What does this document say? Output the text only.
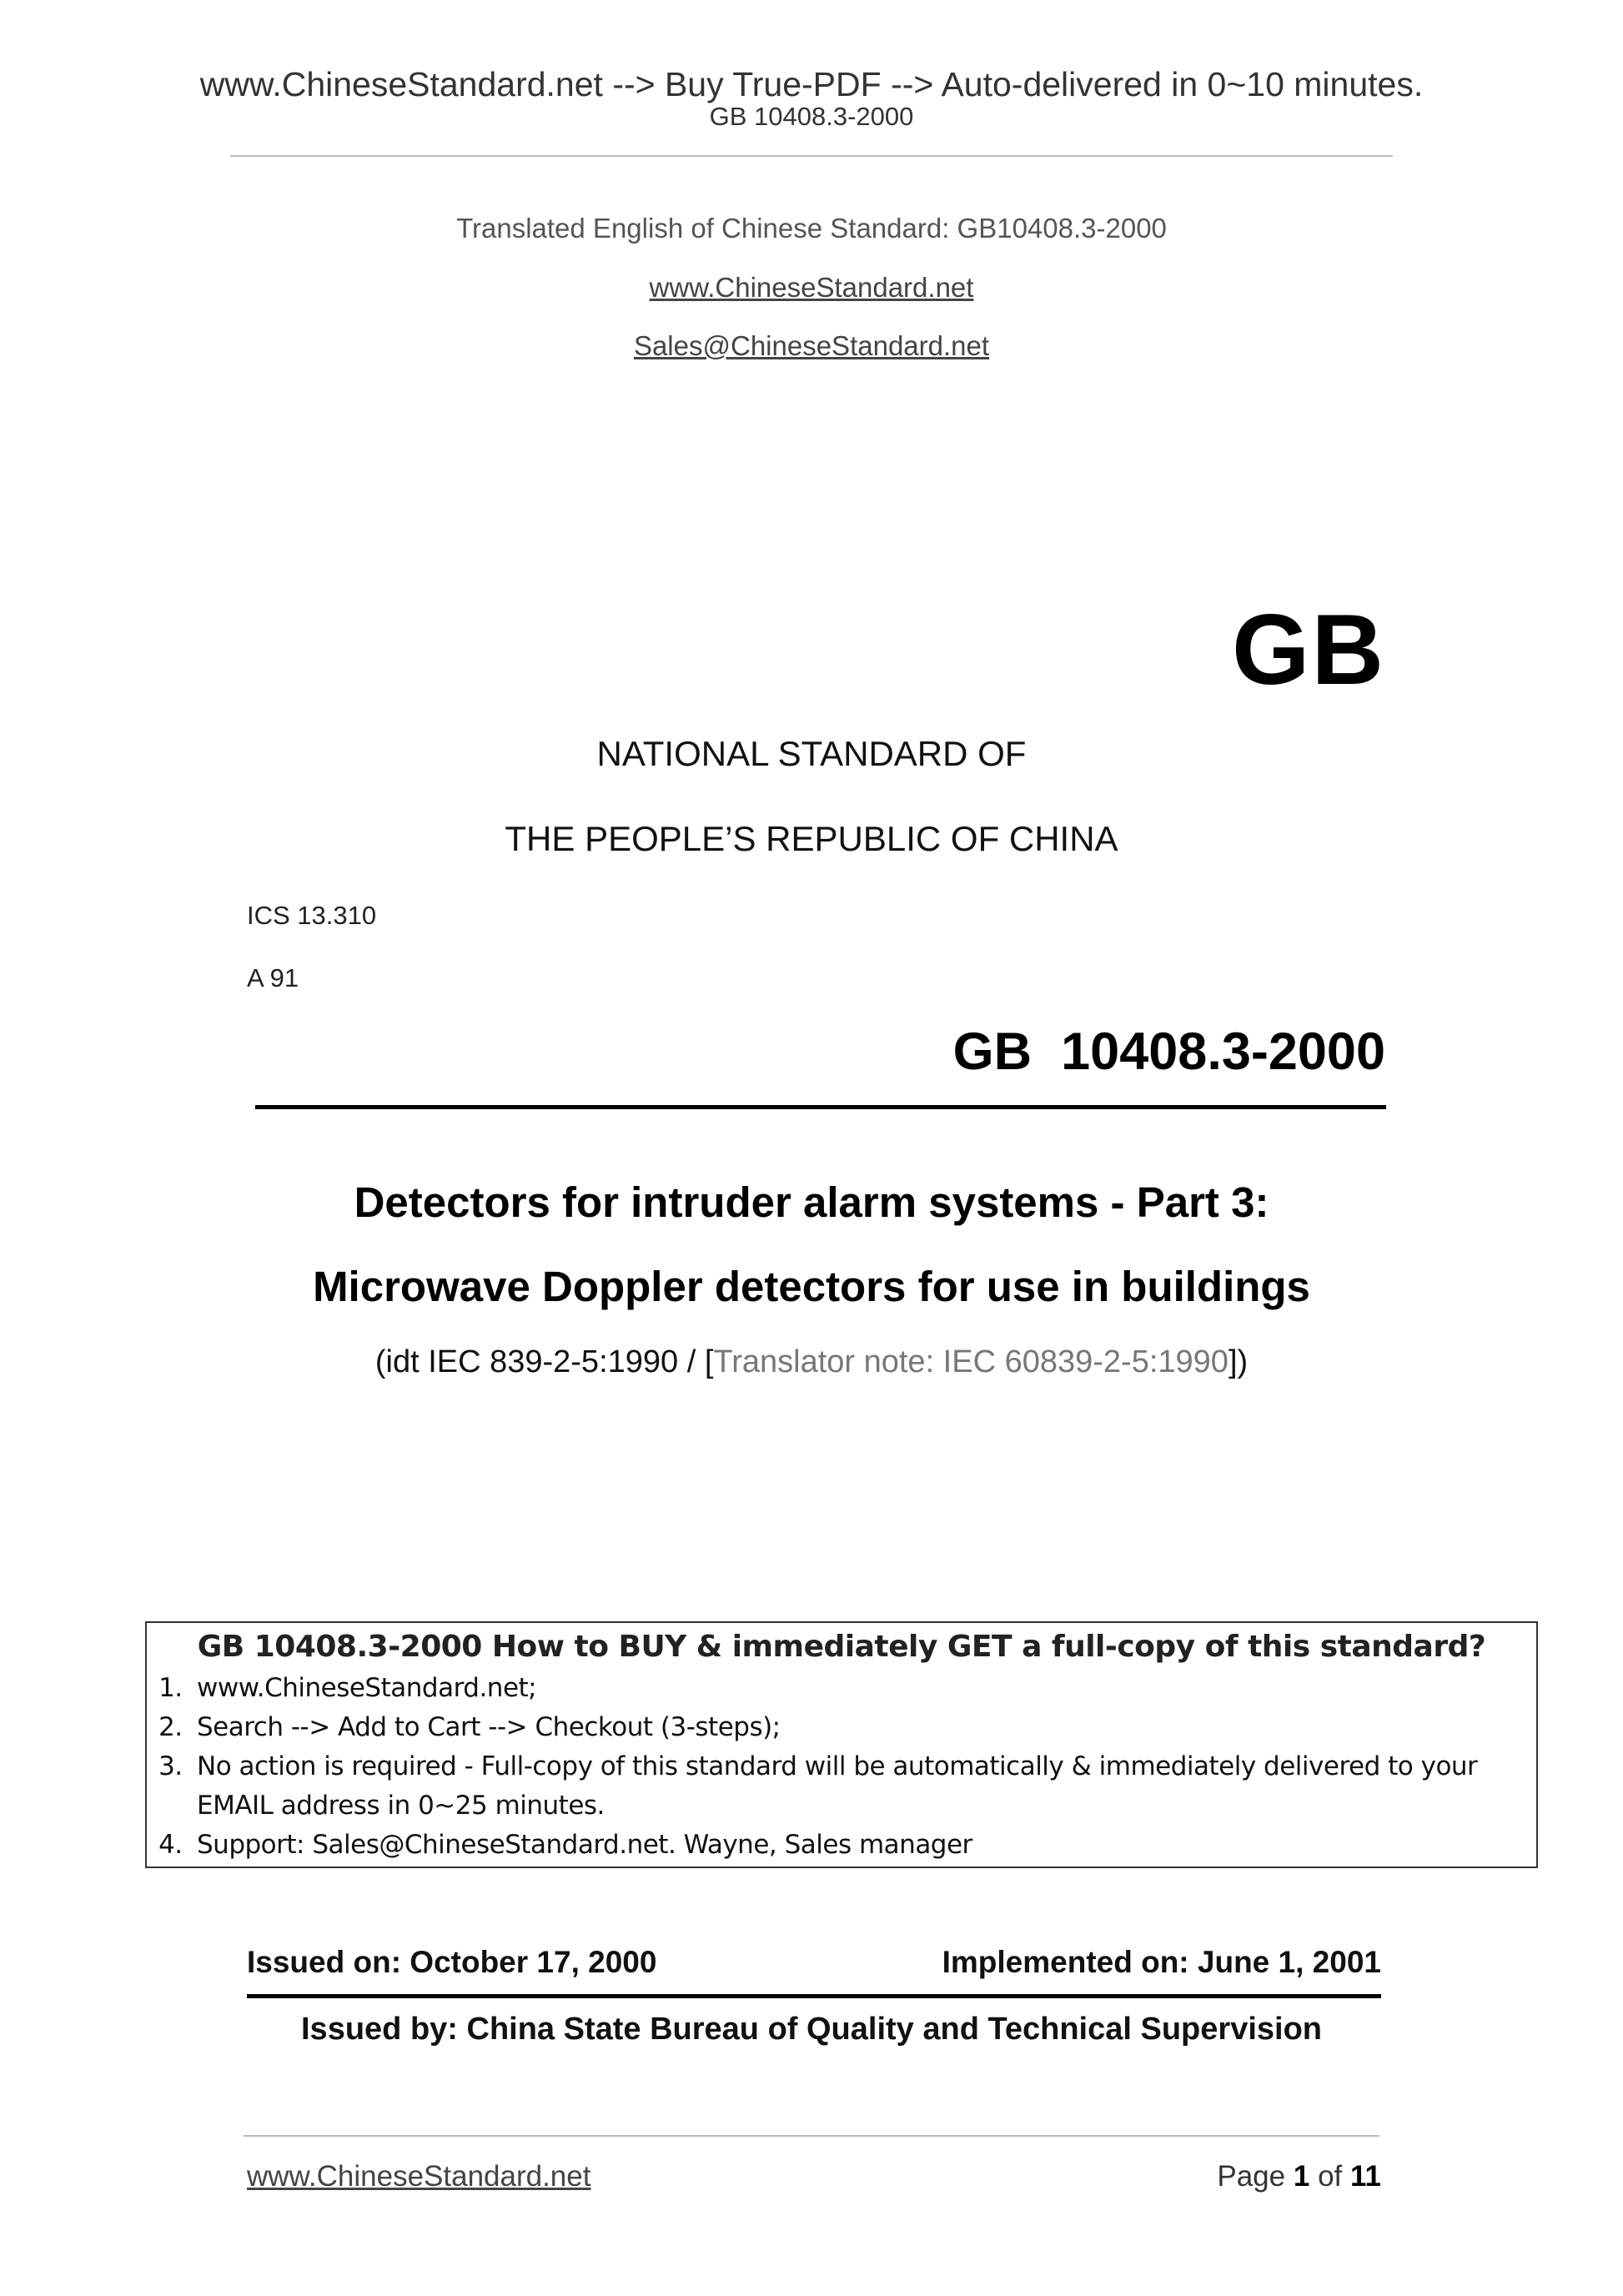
www.ChineseStandard.net --> Buy True-PDF --> Auto-delivered in 0~10 minutes.
GB 10408.3-2000
Translated English of Chinese Standard: GB10408.3-2000
www.ChineseStandard.net
Sales@ChineseStandard.net
GB
NATIONAL STANDARD OF
THE PEOPLE’S REPUBLIC OF CHINA
ICS 13.310
A 91
GB  10408.3-2000
Detectors for intruder alarm systems - Part 3:
Microwave Doppler detectors for use in buildings
(idt IEC 839-2-5:1990 / [Translator note: IEC 60839-2-5:1990])
GB 10408.3-2000 How to BUY & immediately GET a full-copy of this standard?
1. www.ChineseStandard.net;
2. Search --> Add to Cart --> Checkout (3-steps);
3. No action is required - Full-copy of this standard will be automatically & immediately delivered to your EMAIL address in 0~25 minutes.
4. Support: Sales@ChineseStandard.net. Wayne, Sales manager
Issued on: October 17, 2000	Implemented on: June 1, 2001
Issued by: China State Bureau of Quality and Technical Supervision
www.ChineseStandard.net	Page 1 of 11
